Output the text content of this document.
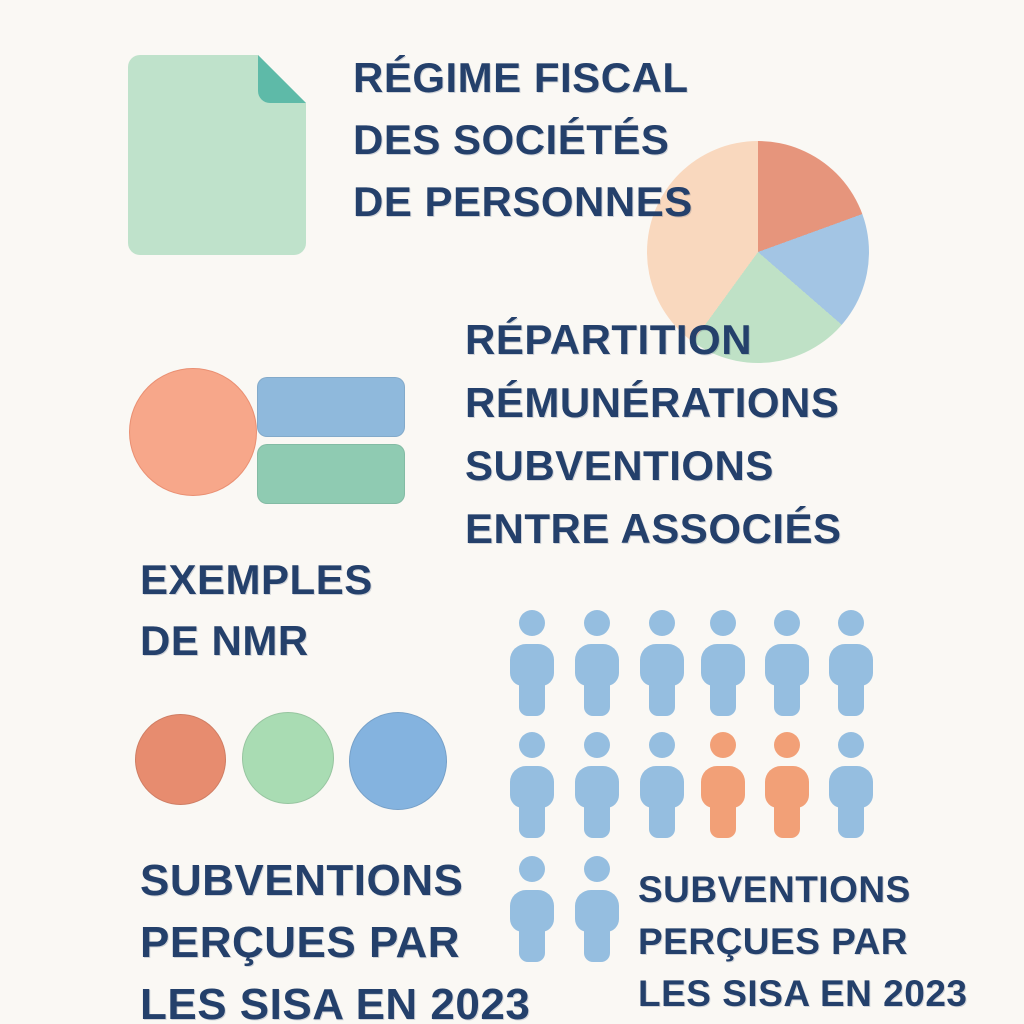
RÉGIME FISCAL
DES SOCIÉTÉS
DE PERSONNES
RÉPARTITION
RÉMUNÉRATIONS
SUBVENTIONS
ENTRE ASSOCIÉS
EXEMPLES
DE NMR
SUBVENTIONS
PERÇUES PAR
LES SISA EN 2023
SUBVENTIONS
PERÇUES PAR
LES SISA EN 2023
